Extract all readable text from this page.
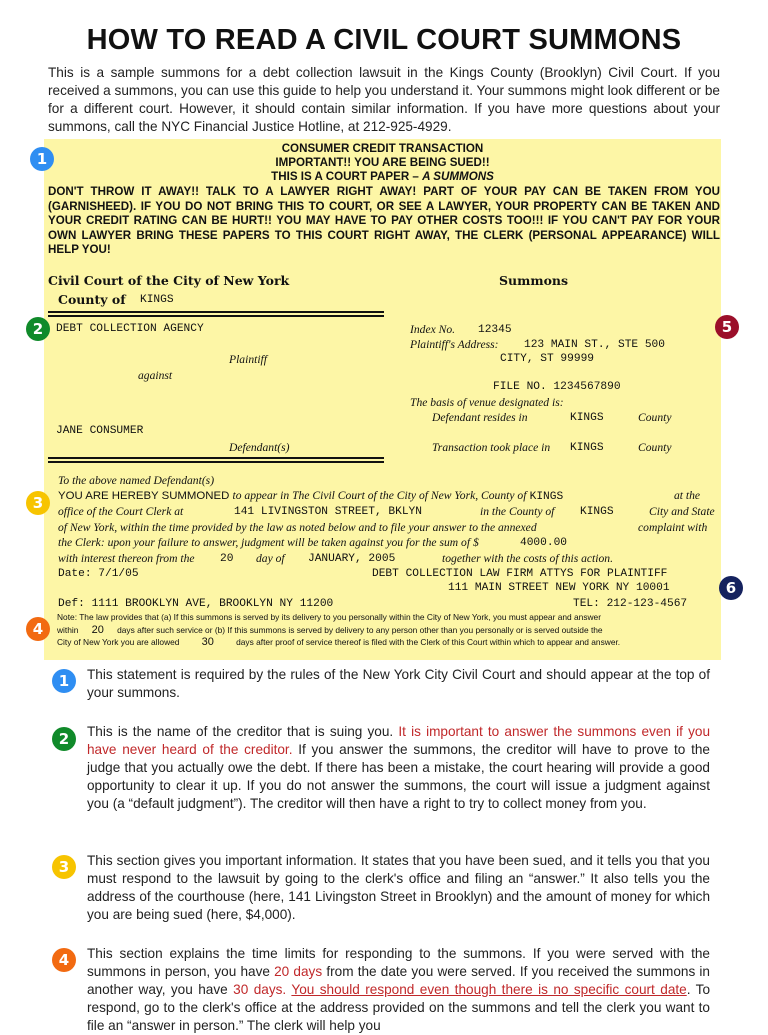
HOW TO READ A CIVIL COURT SUMMONS
This is a sample summons for a debt collection lawsuit in the Kings County (Brooklyn) Civil Court. If you received a summons, you can use this guide to help you understand it. Your summons might look different or be for a different court. However, it should contain similar information. If you have more questions about your summons, call the NYC Financial Justice Hotline, at 212-925-4929.
CONSUMER CREDIT TRANSACTION
IMPORTANT!! YOU ARE BEING SUED!!
THIS IS A COURT PAPER – A SUMMONS
DON'T THROW IT AWAY!! TALK TO A LAWYER RIGHT AWAY! PART OF YOUR PAY CAN BE TAKEN FROM YOU (GARNISHEED). IF YOU DO NOT BRING THIS TO COURT, OR SEE A LAWYER, YOUR PROPERTY CAN BE TAKEN AND YOUR CREDIT RATING CAN BE HURT!! YOU MAY HAVE TO PAY OTHER COSTS TOO!!! IF YOU CAN'T PAY FOR YOUR OWN LAWYER BRING THESE PAPERS TO THIS COURT RIGHT AWAY, THE CLERK (PERSONAL APPEARANCE) WILL HELP YOU!
Civil Court of the City of New York	Summons
County of KINGS
DEBT COLLECTION AGENCY
Plaintiff
against
JANE CONSUMER
Defendant(s)
Index No. 12345
Plaintiff's Address: 123 MAIN ST., STE 500
CITY, ST 99999
FILE NO. 1234567890
The basis of venue designated is:
Defendant resides in	KINGS	County
Transaction took place in KINGS	County
To the above named Defendant(s)
YOU ARE HEREBY SUMMONED to appear in The Civil Court of the City of New York, County of KINGS	at the
office of the Court Clerk at	141 LIVINGSTON STREET, BKLYN	in the County of KINGS	City and State
of New York, within the time provided by the law as noted below and to file your answer to the annexed	complaint with
the Clerk: upon your failure to answer, judgment will be taken against you for the sum of $	4000.00
with interest thereon from the 20 day of JANUARY, 2005	together with the costs of this action.
Date: 7/1/05	DEBT COLLECTION LAW FIRM ATTYS FOR PLAINTIFF
111 MAIN STREET NEW YORK NY 10001
Def: 1111 BROOKLYN AVE, BROOKLYN NY 11200	TEL: 212-123-4567
Note: The law provides that (a) If this summons is served by its delivery to you personally within the City of New York, you must appear and answer
within 20 days after such service or (b) If this summons is served by delivery to any person other than you personally or is served outside the
City of New York you are allowed 30	days after proof of service thereof is filed with the Clerk of this Court within which to appear and answer.
1
2
3
4
5
6
1
2
3
4
This statement is required by the rules of the New York City Civil Court and should appear at the top of your summons.
This is the name of the creditor that is suing you. It is important to answer the summons even if you have never heard of the creditor. If you answer the summons, the creditor will have to prove to the judge that you actually owe the debt. If there has been a mistake, the court hearing will provide a good opportunity to clear it up. If you do not answer the summons, the court will issue a judgment against you (a “default judgment”). The creditor will then have a right to try to collect money from you.
This section gives you important information. It states that you have been sued, and it tells you that you must respond to the lawsuit by going to the clerk's office and filing an “answer.” It also tells you the address of the courthouse (here, 141 Livingston Street in Brooklyn) and the amount of money for which you are being sued (here, $4,000).
This section explains the time limits for responding to the summons. If you were served with the summons in person, you have 20 days from the date you were served. If you received the summons in another way, you have 30 days. You should respond even though there is no specific court date. To respond, go to the clerk's office at the address provided on the summons and tell the clerk you want to file an “answer in person.” The clerk will help you
